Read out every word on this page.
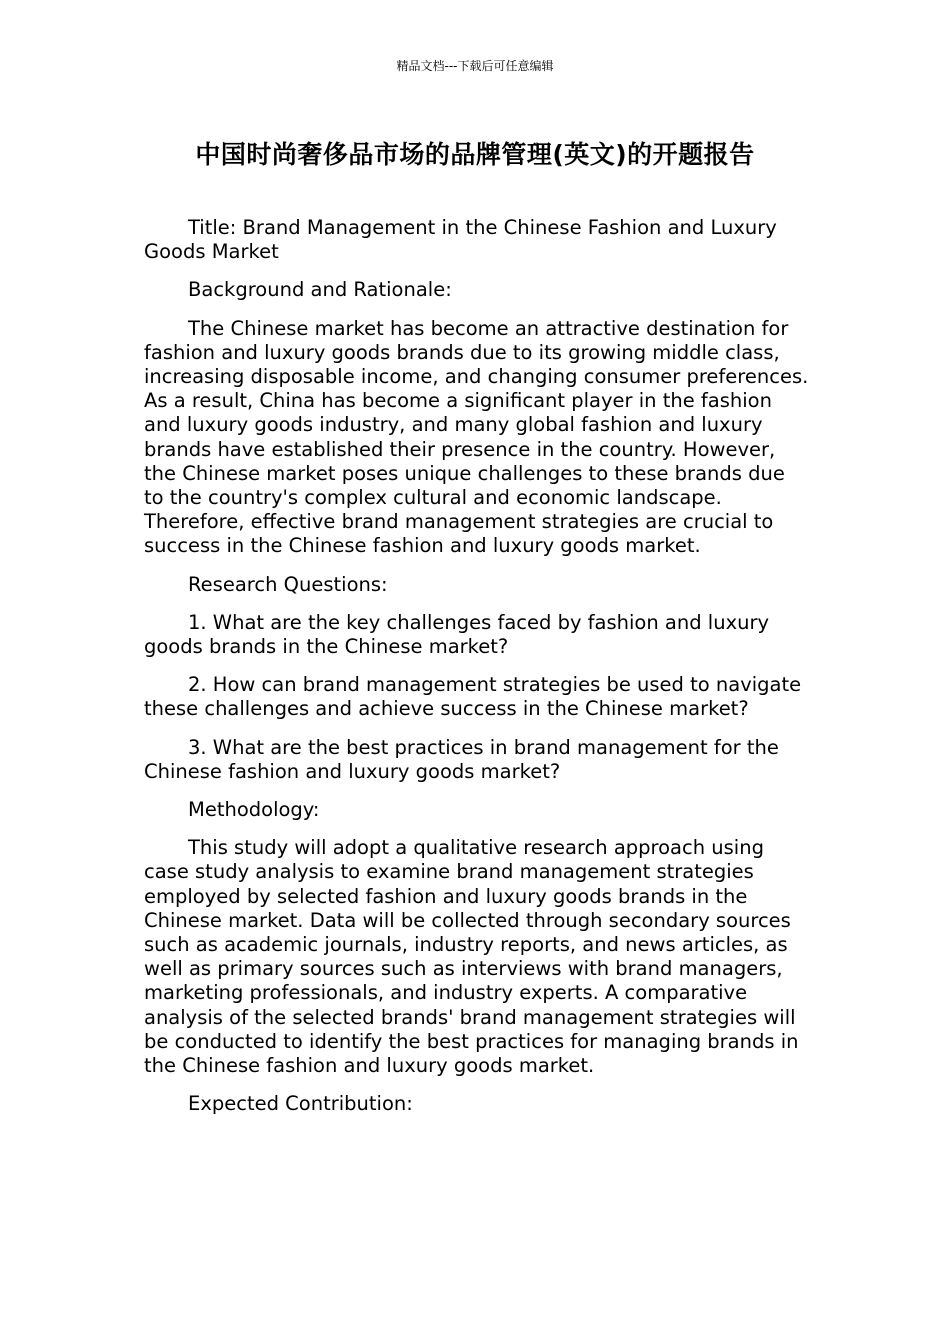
精品文档---下载后可任意编辑
中国时尚奢侈品市场的品牌管理(英文)的开题报告

Title: Brand Management in the Chinese Fashion and Luxury Goods Market

Background and Rationale:

The Chinese market has become an attractive destination for fashion and luxury goods brands due to its growing middle class, increasing disposable income, and changing consumer preferences. As a result, China has become a significant player in the fashion and luxury goods industry, and many global fashion and luxury brands have established their presence in the country. However, the Chinese market poses unique challenges to these brands due to the country's complex cultural and economic landscape. Therefore, effective brand management strategies are crucial to success in the Chinese fashion and luxury goods market.

Research Questions:

1. What are the key challenges faced by fashion and luxury goods brands in the Chinese market?

2. How can brand management strategies be used to navigate these challenges and achieve success in the Chinese market?

3. What are the best practices in brand management for the Chinese fashion and luxury goods market?

Methodology:

This study will adopt a qualitative research approach using case study analysis to examine brand management strategies employed by selected fashion and luxury goods brands in the Chinese market. Data will be collected through secondary sources such as academic journals, industry reports, and news articles, as well as primary sources such as interviews with brand managers, marketing professionals, and industry experts. A comparative analysis of the selected brands' brand management strategies will be conducted to identify the best practices for managing brands in the Chinese fashion and luxury goods market.

Expected Contribution:
